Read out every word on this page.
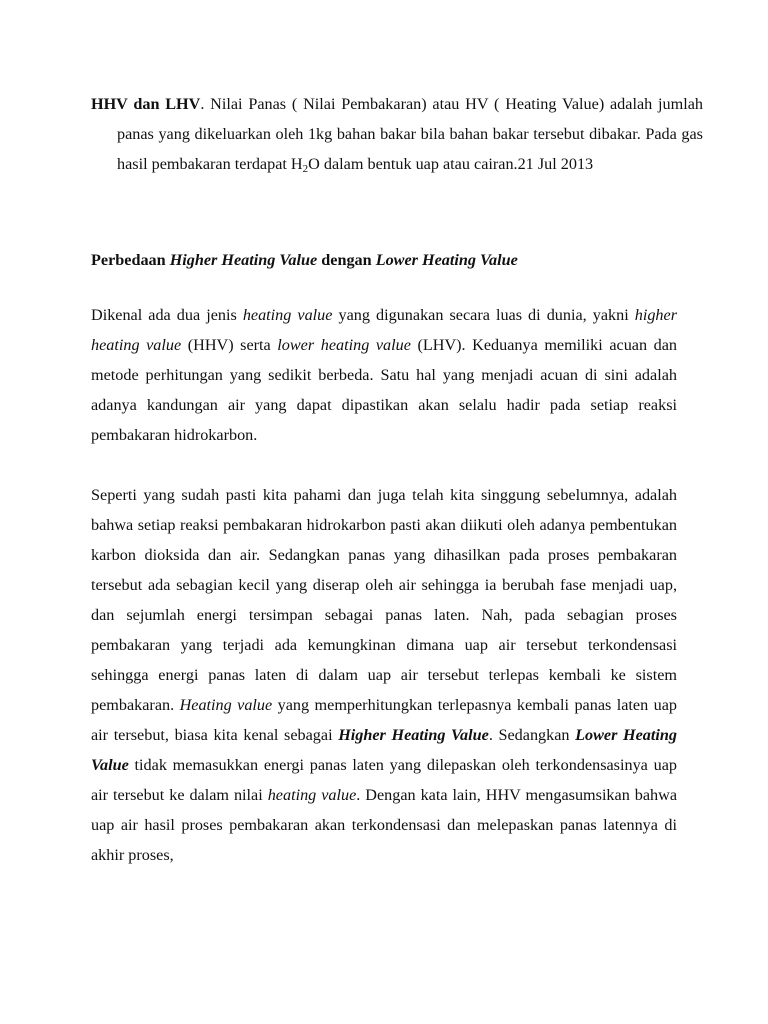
HHV dan LHV. Nilai Panas ( Nilai Pembakaran) atau HV ( Heating Value) adalah jumlah panas yang dikeluarkan oleh 1kg bahan bakar bila bahan bakar tersebut dibakar. Pada gas hasil pembakaran terdapat $H_2O$ dalam bentuk uap atau cairan.21 Jul 2013

Perbedaan Higher Heating Value dengan Lower Heating Value

Dikenal ada dua jenis heating value yang digunakan secara luas di dunia, yakni higher heating value (HHV) serta lower heating value (LHV). Keduanya memiliki acuan dan metode perhitungan yang sedikit berbeda. Satu hal yang menjadi acuan di sini adalah adanya kandungan air yang dapat dipastikan akan selalu hadir pada setiap reaksi pembakaran hidrokarbon.

Seperti yang sudah pasti kita pahami dan juga telah kita singgung sebelumnya, adalah bahwa setiap reaksi pembakaran hidrokarbon pasti akan diikuti oleh adanya pembentukan karbon dioksida dan air. Sedangkan panas yang dihasilkan pada proses pembakaran tersebut ada sebagian kecil yang diserap oleh air sehingga ia berubah fase menjadi uap, dan sejumlah energi tersimpan sebagai panas laten. Nah, pada sebagian proses pembakaran yang terjadi ada kemungkinan dimana uap air tersebut terkondensasi sehingga energi panas laten di dalam uap air tersebut terlepas kembali ke sistem pembakaran. Heating value yang memperhitungkan terlepasnya kembali panas laten uap air tersebut, biasa kita kenal sebagai Higher Heating Value. Sedangkan Lower Heating Value tidak memasukkan energi panas laten yang dilepaskan oleh terkondensasinya uap air tersebut ke dalam nilai heating value. Dengan kata lain, HHV mengasumsikan bahwa uap air hasil proses pembakaran akan terkondensasi dan melepaskan panas latennya di akhir proses,
